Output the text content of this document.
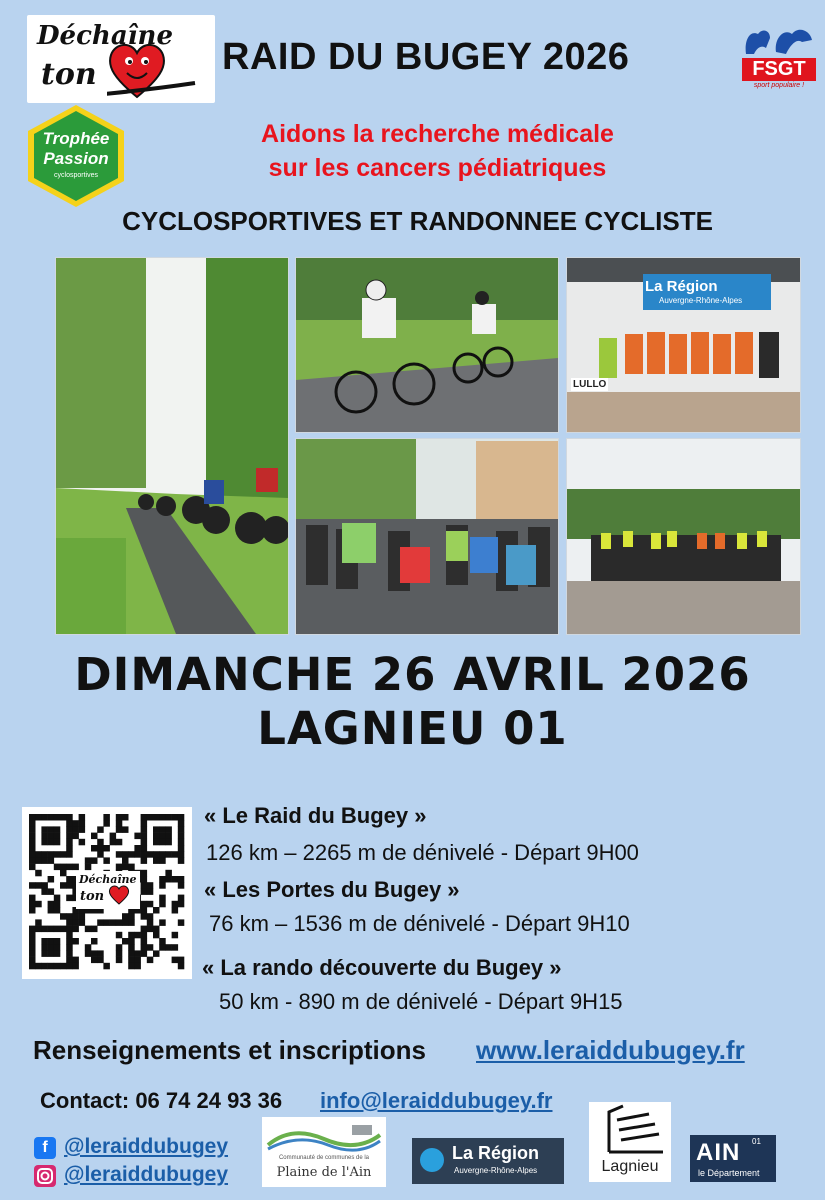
Déchaîne
ton	RAID DU BUGEY 2026	FSGT
sport populaire !
Trophée
Passion
cyclosportives
Aidons la recherche médicale
sur les cancers pédiatriques
CYCLOSPORTIVES ET RANDONNEE CYCLISTE
La Région
Auvergne-Rhône-Alpes
LULLO
DIMANCHE 26 AVRIL 2026
LAGNIEU 01
Déchaîne
ton
« Le Raid du Bugey »
126 km – 2265 m de dénivelé - Départ 9H00
« Les Portes du Bugey »
76 km – 1536 m de dénivelé - Départ 9H10
« La rando découverte du Bugey »
50 km - 890 m de dénivelé - Départ 9H15
Renseignements et inscriptions www.leraiddubugey.fr
Contact: 06 74 24 93 36 info@leraiddubugey.fr
f @leraiddubugey
@leraiddubugey
Communauté de communes de la
Plaine de l'Ain
La Région
Auvergne-Rhône-Alpes	Lagnieu
AIN 01
le Département
